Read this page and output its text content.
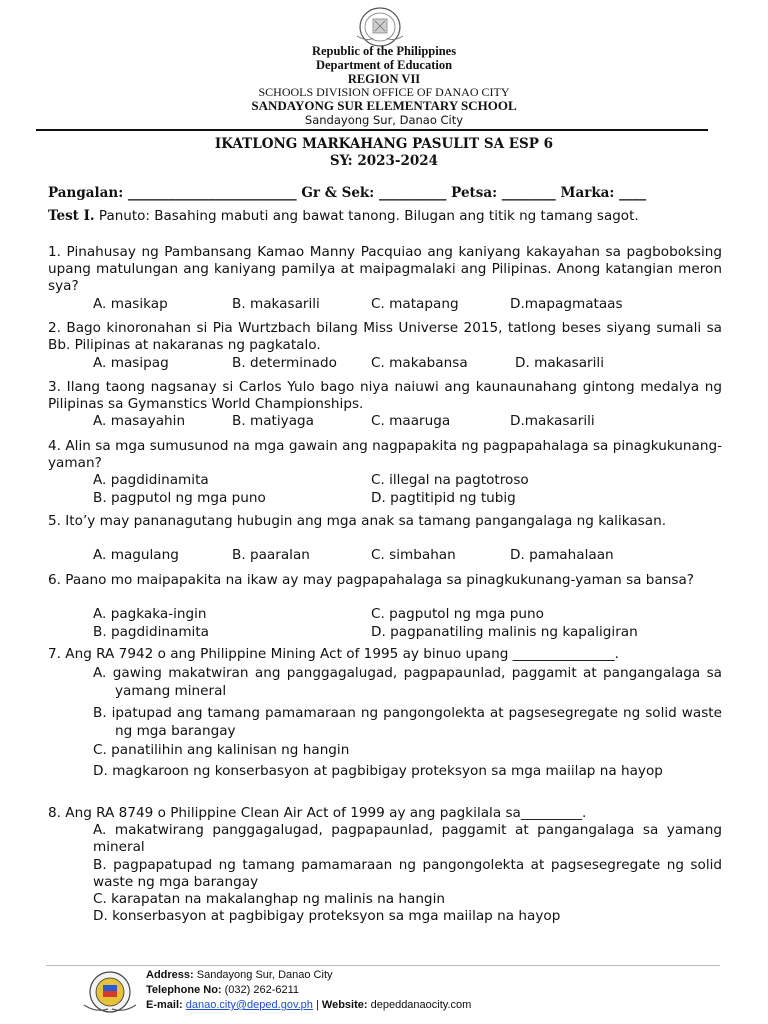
Republic of the Philippines
Department of Education
REGION VII
SCHOOLS DIVISION OFFICE OF DANAO CITY
SANDAYONG SUR ELEMENTARY SCHOOL
Sandayong Sur, Danao City
IKATLONG MARKAHANG PASULIT SA ESP 6
SY: 2023-2024
Pangalan: _________________________ Gr & Sek: __________ Petsa: ________ Marka: ____
Test I. Panuto: Basahing mabuti ang bawat tanong. Bilugan ang titik ng tamang sagot.
1. Pinahusay ng Pambansang Kamao Manny Pacquiao ang kaniyang kakayahan sa pagboboksing upang matulungan ang kaniyang pamilya at maipagmalaki ang Pilipinas. Anong katangian meron sya?
A. masikap	B. makasarili	C. matapang	D.mapagmataas
2. Bago kinoronahan si Pia Wurtzbach bilang Miss Universe 2015, tatlong beses siyang sumali sa Bb. Pilipinas at nakaranas ng pagkatalo.
A. masipag	B. determinado	C. makabansa	D. makasarili
3. Ilang taong nagsanay si Carlos Yulo bago niya naiuwi ang kaunaunahang gintong medalya ng Pilipinas sa Gymanstics World Championships.
A. masayahin	B. matiyaga	C. maaruga	D.makasarili
4. Alin sa mga sumusunod na mga gawain ang nagpapakita ng pagpapahalaga sa pinagkukunang-yaman?
A. pagdidinamita	C. illegal na pagtotroso
B. pagputol ng mga puno	D. pagtitipid ng tubig
5. Ito’y may pananagutang hubugin ang mga anak sa tamang pangangalaga ng kalikasan.
A. magulang	B. paaralan	C. simbahan	D. pamahalaan
6. Paano mo maipapakita na ikaw ay may pagpapahalaga sa pinagkukunang-yaman sa bansa?
A. pagkaka-ingin	C. pagputol ng mga puno
B. pagdidinamita	D. pagpanatiling malinis ng kapaligiran
7. Ang RA 7942 o ang Philippine Mining Act of 1995 ay binuo upang _______________.
A. gawing makatwiran ang panggagalugad, pagpapaunlad, paggamit at pangangalaga sa yamang mineral
B. ipatupad ang tamang pamamaraan ng pangongolekta at pagsesegregate ng solid waste ng mga barangay
C. panatilihin ang kalinisan ng hangin
D. magkaroon ng konserbasyon at pagbibigay proteksyon sa mga maiilap na hayop
8. Ang RA 8749 o Philippine Clean Air Act of 1999 ay ang pagkilala sa_________.
A. makatwirang panggagalugad, pagpapaunlad, paggamit at pangangalaga sa yamang mineral
B. pagpapatupad ng tamang pamamaraan ng pangongolekta at pagsesegregate ng solid waste ng mga barangay
C. karapatan na makalanghap ng malinis na hangin
D. konserbasyon at pagbibigay proteksyon sa mga maiilap na hayop
Address: Sandayong Sur, Danao City
Telephone No: (032) 262-6211
E-mail: danao.city@deped.gov.ph | Website: depeddanaocity.com
